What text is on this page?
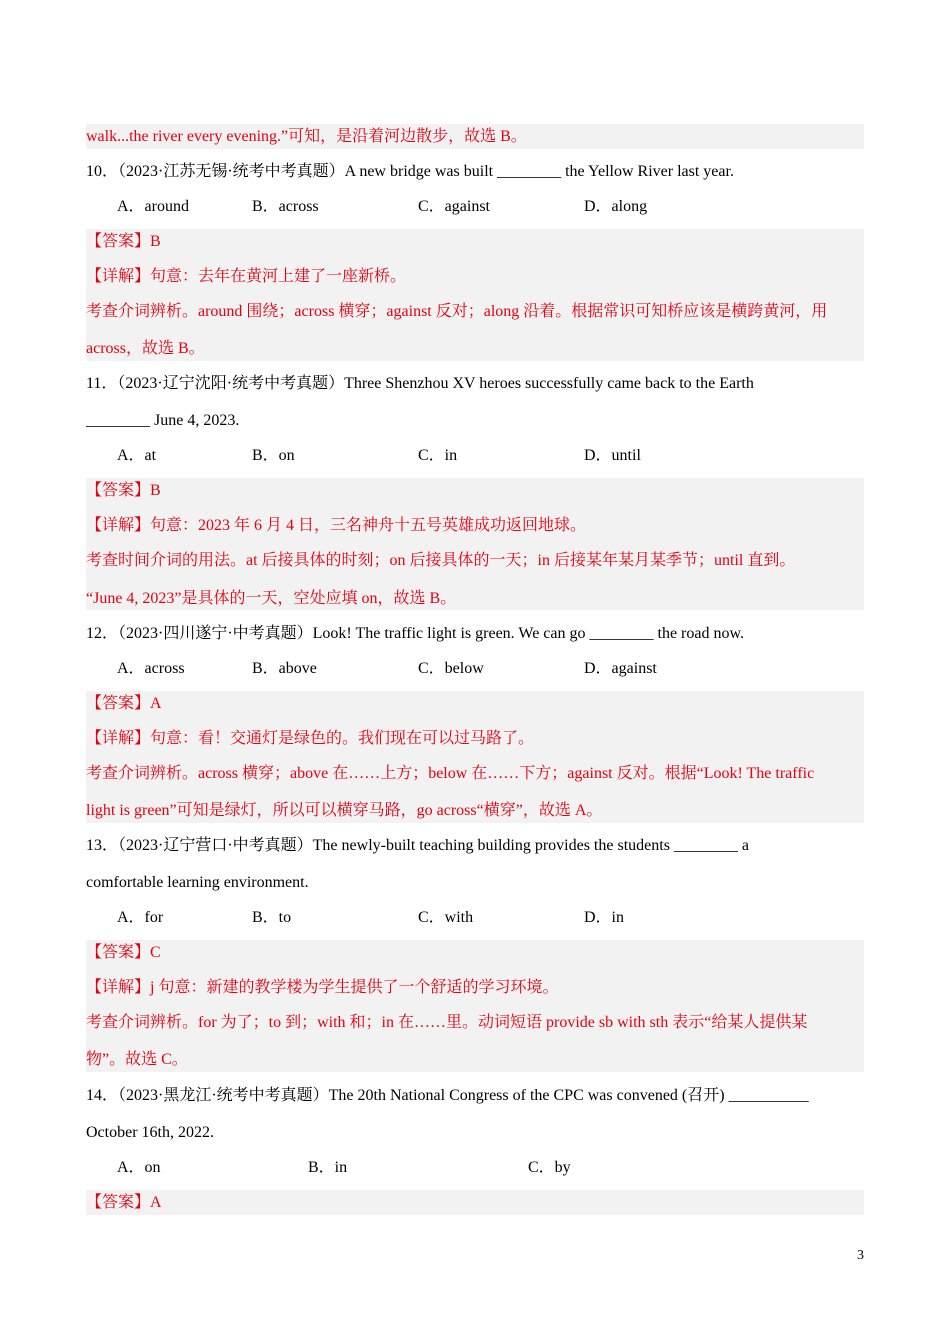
walk...the river every evening.”可知，是沿着河边散步，故选 B。
10．（2023·江苏无锡·统考中考真题）A new bridge was built ________ the Yellow River last year.
A．around	B．across	C．against	D．along
【答案】B
【详解】句意：去年在黄河上建了一座新桥。
考查介词辨析。around 围绕；across 横穿；against 反对；along 沿着。根据常识可知桥应该是横跨黄河，用
across，故选 B。
11．（2023·辽宁沈阳·统考中考真题）Three Shenzhou XV heroes successfully came back to the Earth
________ June 4, 2023.
A．at	B．on	C．in	D．until
【答案】B
【详解】句意：2023 年 6 月 4 日，三名神舟十五号英雄成功返回地球。
考查时间介词的用法。at 后接具体的时刻；on 后接具体的一天；in 后接某年某月某季节；until 直到。
“June 4, 2023”是具体的一天，空处应填 on，故选 B。
12．（2023·四川遂宁·中考真题）Look! The traffic light is green. We can go ________ the road now.
A．across	B．above	C．below	D．against
【答案】A
【详解】句意：看！交通灯是绿色的。我们现在可以过马路了。
考查介词辨析。across 横穿；above 在……上方；below 在……下方；against 反对。根据“Look! The traffic
light is green”可知是绿灯，所以可以横穿马路，go across“横穿”，故选 A。
13．（2023·辽宁营口·中考真题）The newly-built teaching building provides the students ________ a
comfortable learning environment.
A．for	B．to	C．with	D．in
【答案】C
【详解】j 句意：新建的教学楼为学生提供了一个舒适的学习环境。
考查介词辨析。for 为了；to 到；with 和；in 在……里。动词短语 provide sb with sth 表示“给某人提供某
物”。故选 C。
14．（2023·黑龙江·统考中考真题）The 20th National Congress of the CPC was convened (召开) __________
October 16th, 2022.
A．on	B．in	C．by
【答案】A
3
